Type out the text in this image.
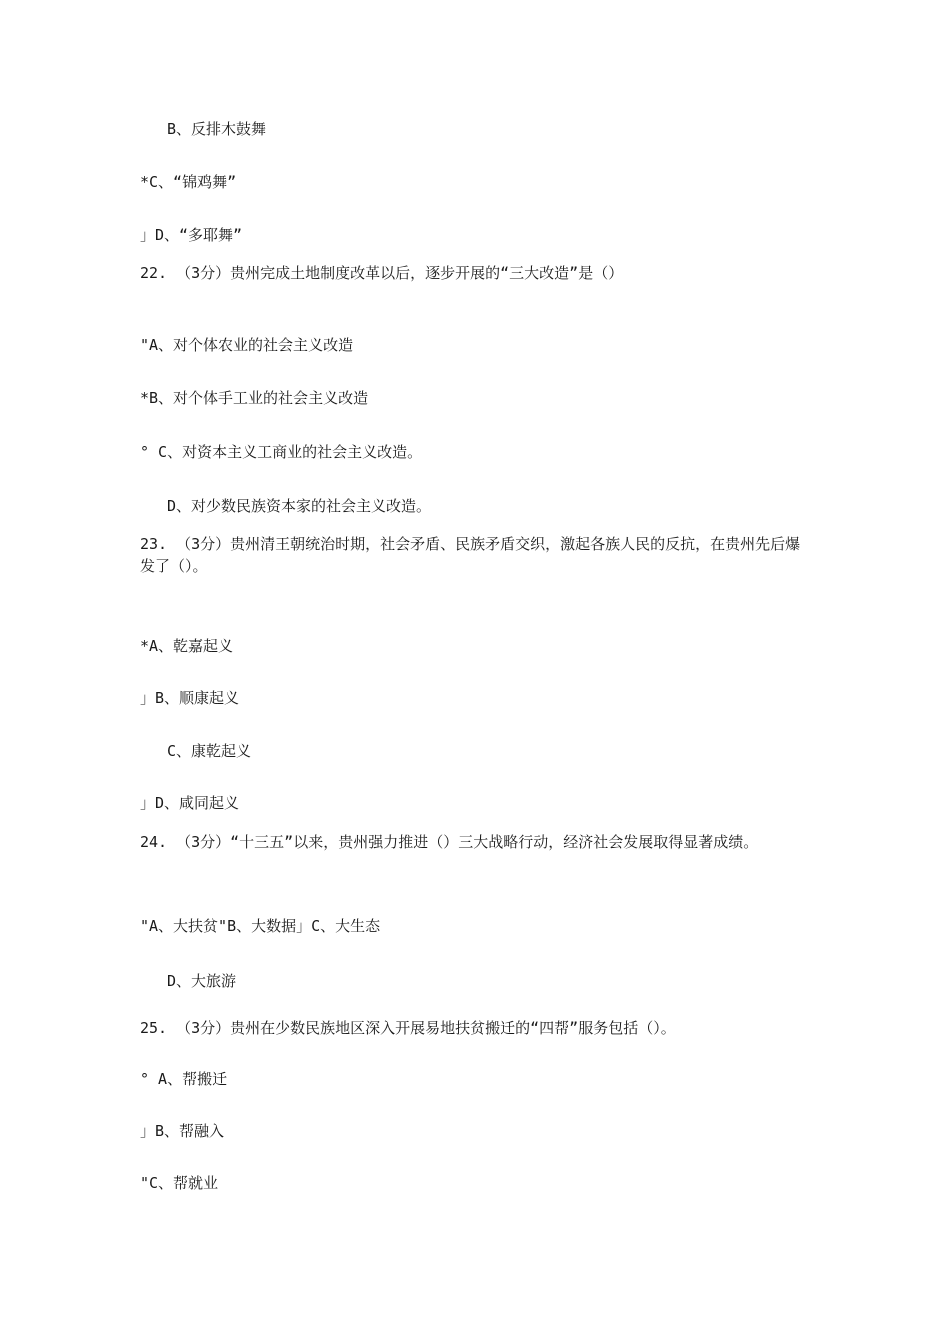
B、反排木鼓舞

*C、“锦鸡舞”

」D、“多耶舞”

22. （3分）贵州完成土地制度改革以后，逐步开展的“三大改造”是（）

"A、对个体农业的社会主义改造

*B、对个体手工业的社会主义改造

° C、对资本主义工商业的社会主义改造。

D、对少数民族资本家的社会主义改造。

23. （3分）贵州清王朝统治时期，社会矛盾、民族矛盾交织，激起各族人民的反抗，在贵州先后爆发了（）。

*A、乾嘉起义

」B、顺康起义

C、康乾起义

」D、咸同起义

24. （3分）“十三五”以来，贵州强力推进（）三大战略行动，经济社会发展取得显著成绩。

"A、大扶贫"B、大数据」C、大生态

D、大旅游

25. （3分）贵州在少数民族地区深入开展易地扶贫搬迁的“四帮”服务包括（）。

° A、帮搬迁

」B、帮融入

"C、帮就业
